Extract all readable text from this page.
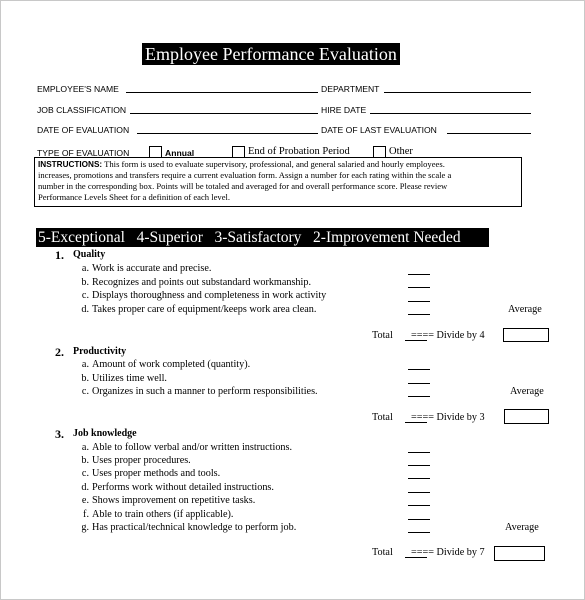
Employee Performance Evaluation
EMPLOYEE'S NAME	DEPARTMENT
JOB CLASSIFICATION	HIRE DATE
DATE OF EVALUATION	DATE OF LAST EVALUATION
TYPE OF EVALUATION	Annual	End of Probation Period	Other
INSTRUCTIONS: This form is used to evaluate supervisory, professional, and general salaried and hourly employees.
increases, promotions and transfers require a current evaluation form. Assign a number for each rating within the scale a
number in the corresponding box. Points will be totaled and averaged for and overall performance score. Please review
Performance Levels Sheet for a definition of each level.
5-Exceptional   4-Superior   3-Satisfactory   2-Improvement Needed
1. Quality
a. Work is accurate and precise.
b. Recognizes and points out substandard workmanship.
c. Displays thoroughness and completeness in work activity
d. Takes proper care of equipment/keeps work area clean.	Average
Total ==== Divide by 4
2. Productivity
a. Amount of work completed (quantity).
b. Utilizes time well.
c. Organizes in such a manner to perform responsibilities.	Average
Total ==== Divide by 3
3. Job knowledge
a. Able to follow verbal and/or written instructions.
b. Uses proper procedures.
c. Uses proper methods and tools.
d. Performs work without detailed instructions.
e. Shows improvement on repetitive tasks.
f. Able to train others (if applicable).
g. Has practical/technical knowledge to perform job.	Average
Total ==== Divide by 7
